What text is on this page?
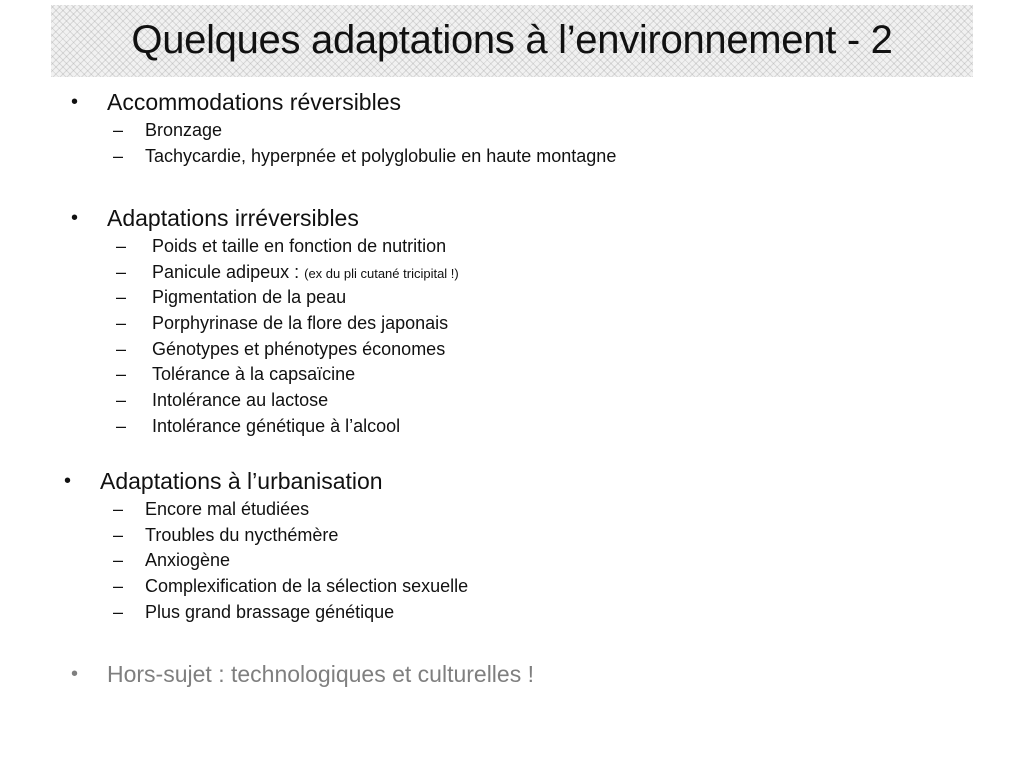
Quelques adaptations à l’environnement - 2
• Accommodations réversibles
– Bronzage
– Tachycardie, hyperpnée et polyglobulie en haute montagne
• Adaptations irréversibles
– Poids et taille en fonction de nutrition
– Panicule adipeux : (ex du pli cutané tricipital !)
– Pigmentation de la peau
– Porphyrinase de la flore des japonais
– Génotypes et phénotypes économes
– Tolérance à la capsaïcine
– Intolérance au lactose
– Intolérance génétique à l’alcool
• Adaptations à l’urbanisation
– Encore mal étudiées
– Troubles du nycthémère
– Anxiogène
– Complexification de la sélection sexuelle
– Plus grand brassage génétique
• Hors-sujet : technologiques et culturelles !
